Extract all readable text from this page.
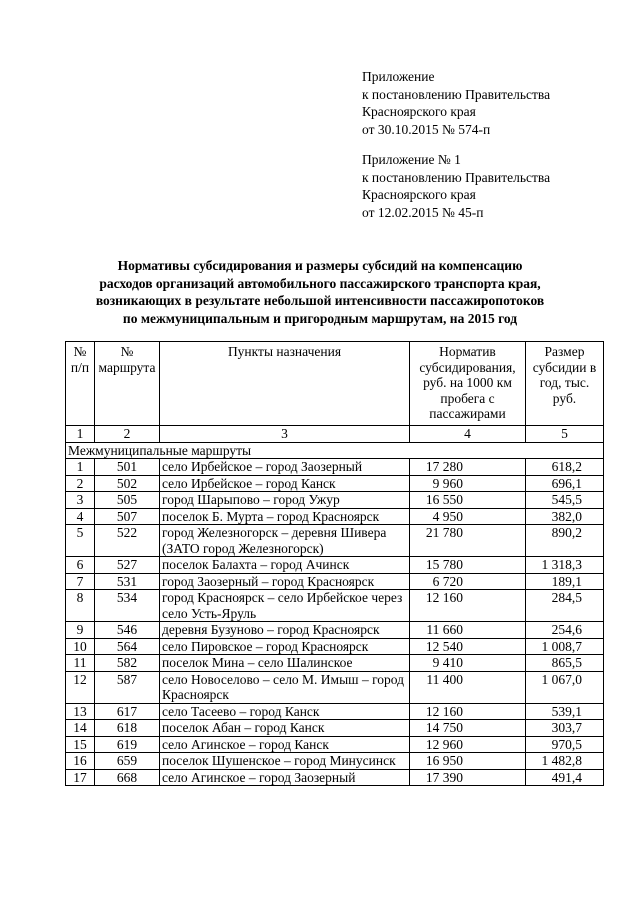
Приложение
к постановлению Правительства
Красноярского края
от 30.10.2015 № 574-п
Приложение № 1
к постановлению Правительства
Красноярского края
от 12.02.2015 № 45-п
Нормативы субсидирования и размеры субсидий на компенсацию
расходов организаций автомобильного пассажирского транспорта края,
возникающих в результате небольшой интенсивности пассажиропотоков
по межмуниципальным и пригородным маршрутам, на 2015 год
№ п/п	№ маршрута	Пункты назначения	Норматив субсидирования, руб. на 1000 км пробега с пассажирами	Размер субсидии в год, тыс. руб.
1	2	3	4	5
Межмуниципальные маршруты				
1	501	село Ирбейское – город Заозерный	17 280	618,2
2	502	село Ирбейское – город Канск	9 960	696,1
3	505	город Шарыпово – город Ужур	16 550	545,5
4	507	поселок Б. Мурта – город Красноярск	4 950	382,0
5	522	город Железногорск – деревня Шивера (ЗАТО город Железногорск)	21 780	890,2
6	527	поселок Балахта – город Ачинск	15 780	1 318,3
7	531	город Заозерный – город Красноярск	6 720	189,1
8	534	город Красноярск – село Ирбейское через село Усть-Яруль	12 160	284,5
9	546	деревня Бузуново – город Красноярск	11 660	254,6
10	564	село Пировское – город Красноярск	12 540	1 008,7
11	582	поселок Мина – село Шалинское	9 410	865,5
12	587	село Новоселово – село М. Имыш – город Красноярск	11 400	1 067,0
13	617	село Тасеево – город Канск	12 160	539,1
14	618	поселок Абан – город Канск	14 750	303,7
15	619	село Агинское – город Канск	12 960	970,5
16	659	поселок Шушенское – город Минусинск	16 950	1 482,8
17	668	село Агинское – город Заозерный	17 390	491,4
